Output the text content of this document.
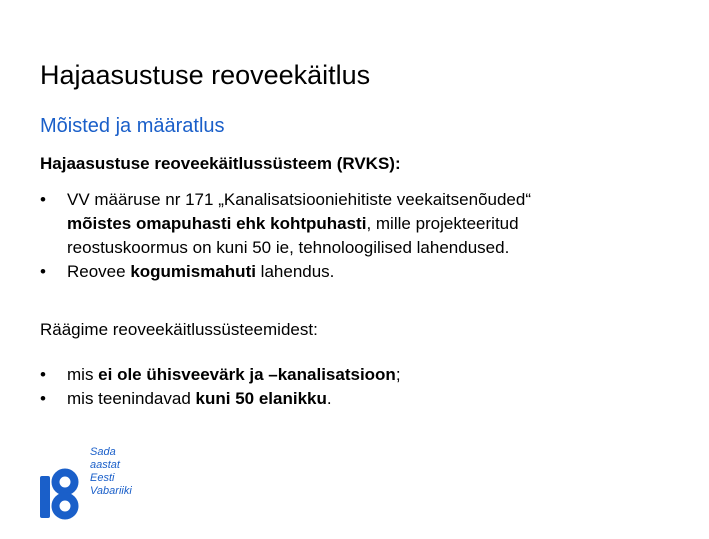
Hajaasustuse reoveekäitlus
Mõisted ja määratlus
Hajaasustuse reoveekäitlussüsteem (RVKS):
• VV määruse nr 171 „Kanalisatsiooniehitiste veekaitsenõuded“
mõistes omapuhasti ehk kohtpuhasti, mille projekteeritud
reostuskoormus on kuni 50 ie, tehnoloogilised lahendused.
• Reovee kogumismahuti lahendus.
Räägime reoveekäitlussüsteemidest:
• mis ei ole ühisveevärk ja –kanalisatsioon;
• mis teenindavad kuni 50 elanikku.
Sada
aastat
Eesti
Vabariiki
